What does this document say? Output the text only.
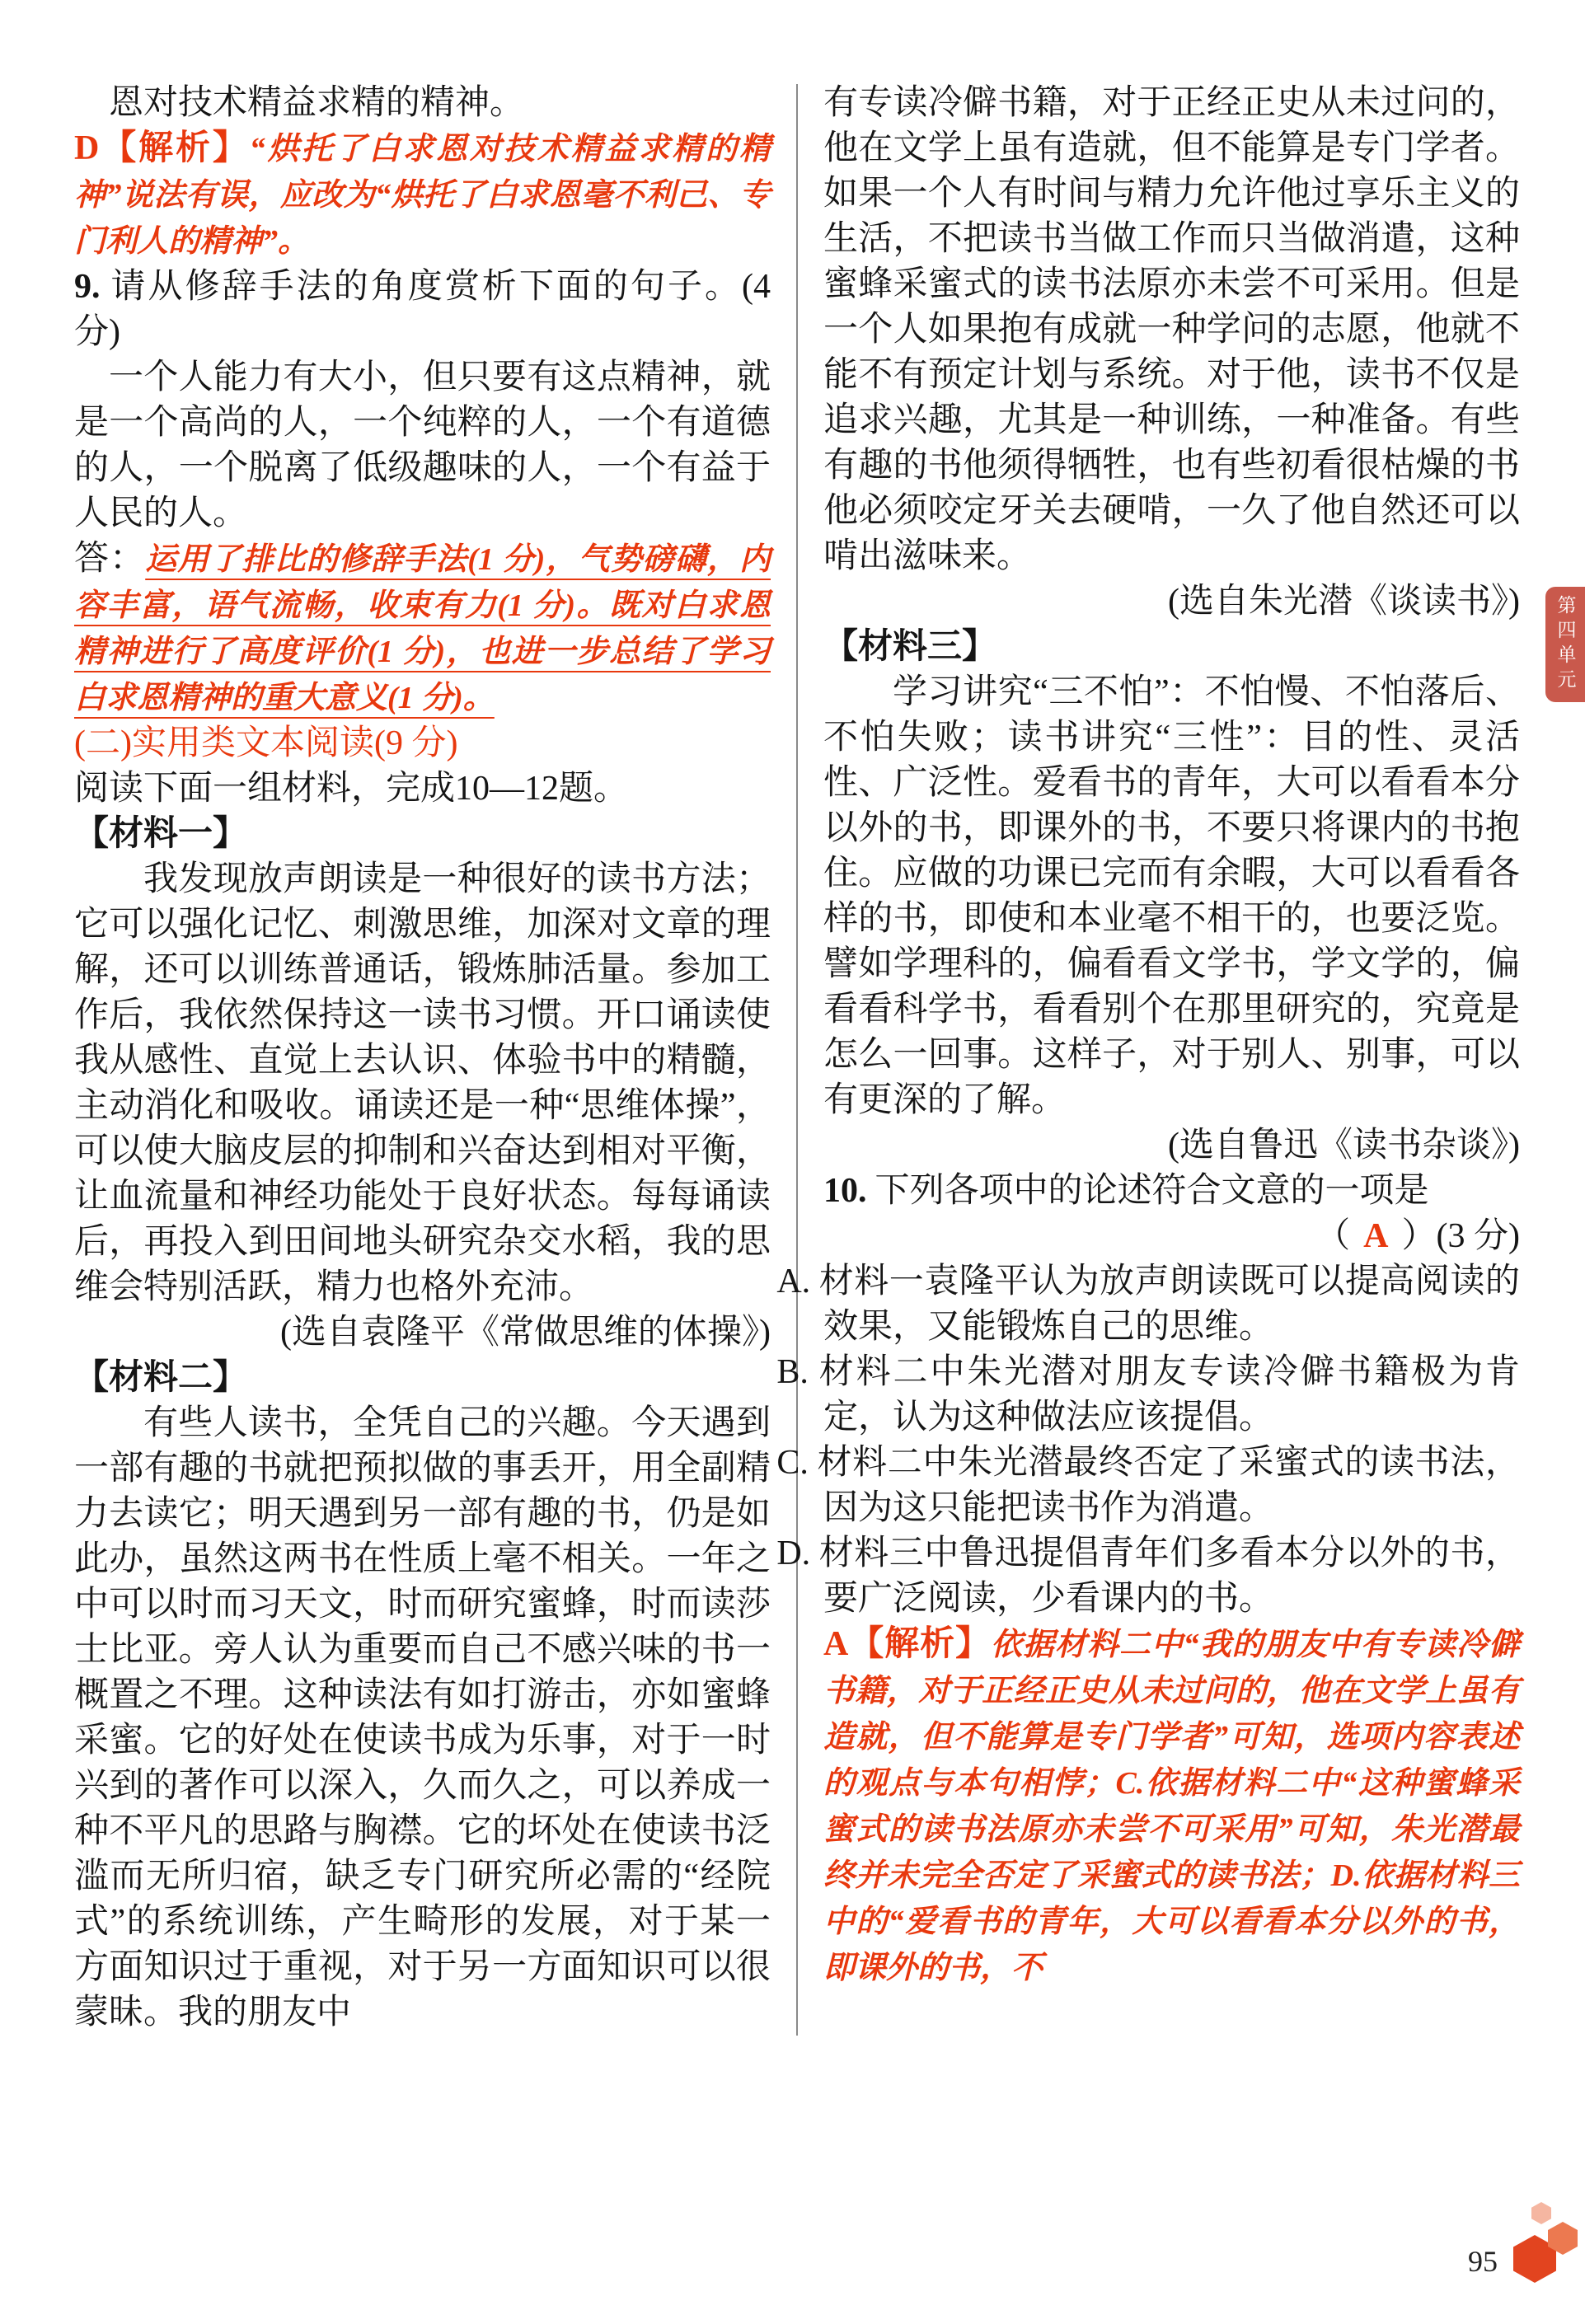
恩对技术精益求精的精神。

D【解析】“烘托了白求恩对技术精益求精的精神”说法有误，应改为“烘托了白求恩毫不利己、专门利人的精神”。

9. 请从修辞手法的角度赏析下面的句子。(4 分)

一个人能力有大小，但只要有这点精神，就是一个高尚的人，一个纯粹的人，一个有道德的人，一个脱离了低级趣味的人，一个有益于人民的人。

答：运用了排比的修辞手法(1 分)，气势磅礴，内容丰富，语气流畅，收束有力(1 分)。既对白求恩精神进行了高度评价(1 分)，也进一步总结了学习白求恩精神的重大意义(1 分)。

(二)实用类文本阅读(9 分)

阅读下面一组材料，完成10—12题。

【材料一】

我发现放声朗读是一种很好的读书方法；它可以强化记忆、刺激思维，加深对文章的理解，还可以训练普通话，锻炼肺活量。参加工作后，我依然保持这一读书习惯。开口诵读使我从感性、直觉上去认识、体验书中的精髓，主动消化和吸收。诵读还是一种“思维体操”，可以使大脑皮层的抑制和兴奋达到相对平衡，让血流量和神经功能处于良好状态。每每诵读后，再投入到田间地头研究杂交水稻，我的思维会特别活跃，精力也格外充沛。

(选自袁隆平《常做思维的体操》)

【材料二】

有些人读书，全凭自己的兴趣。今天遇到一部有趣的书就把预拟做的事丢开，用全副精力去读它；明天遇到另一部有趣的书，仍是如此办，虽然这两书在性质上毫不相关。一年之中可以时而习天文，时而研究蜜蜂，时而读莎士比亚。旁人认为重要而自己不感兴味的书一概置之不理。这种读法有如打游击，亦如蜜蜂采蜜。它的好处在使读书成为乐事，对于一时兴到的著作可以深入，久而久之，可以养成一种不平凡的思路与胸襟。它的坏处在使读书泛滥而无所归宿，缺乏专门研究所必需的“经院式”的系统训练，产生畸形的发展，对于某一方面知识过于重视，对于另一方面知识可以很蒙昧。我的朋友中

有专读冷僻书籍，对于正经正史从未过问的，他在文学上虽有造就，但不能算是专门学者。如果一个人有时间与精力允许他过享乐主义的生活，不把读书当做工作而只当做消遣，这种蜜蜂采蜜式的读书法原亦未尝不可采用。但是一个人如果抱有成就一种学问的志愿，他就不能不有预定计划与系统。对于他，读书不仅是追求兴趣，尤其是一种训练，一种准备。有些有趣的书他须得牺牲，也有些初看很枯燥的书他必须咬定牙关去硬啃，一久了他自然还可以啃出滋味来。

(选自朱光潜《谈读书》)

【材料三】

学习讲究“三不怕”：不怕慢、不怕落后、不怕失败；读书讲究“三性”：目的性、灵活性、广泛性。爱看书的青年，大可以看看本分以外的书，即课外的书，不要只将课内的书抱住。应做的功课已完而有余暇，大可以看看各样的书，即使和本业毫不相干的，也要泛览。譬如学理科的，偏看看文学书，学文学的，偏看看科学书，看看别个在那里研究的，究竟是怎么一回事。这样子，对于别人、别事，可以有更深的了解。

(选自鲁迅《读书杂谈》)

10. 下列各项中的论述符合文意的一项是

（ A ）(3 分)

A. 材料一袁隆平认为放声朗读既可以提高阅读的效果，又能锻炼自己的思维。

B. 材料二中朱光潜对朋友专读冷僻书籍极为肯定，认为这种做法应该提倡。

C. 材料二中朱光潜最终否定了采蜜式的读书法，因为这只能把读书作为消遣。

D. 材料三中鲁迅提倡青年们多看本分以外的书，要广泛阅读，少看课内的书。

A【解析】依据材料二中“我的朋友中有专读冷僻书籍，对于正经正史从未过问的，他在文学上虽有造就，但不能算是专门学者”可知，选项内容表述的观点与本句相悖；C.依据材料二中“这种蜜蜂采蜜式的读书法原亦未尝不可采用”可知，朱光潜最终并未完全否定了采蜜式的读书法；D.依据材料三中的“爱看书的青年，大可以看看本分以外的书，即课外的书，不

第四单元
95
